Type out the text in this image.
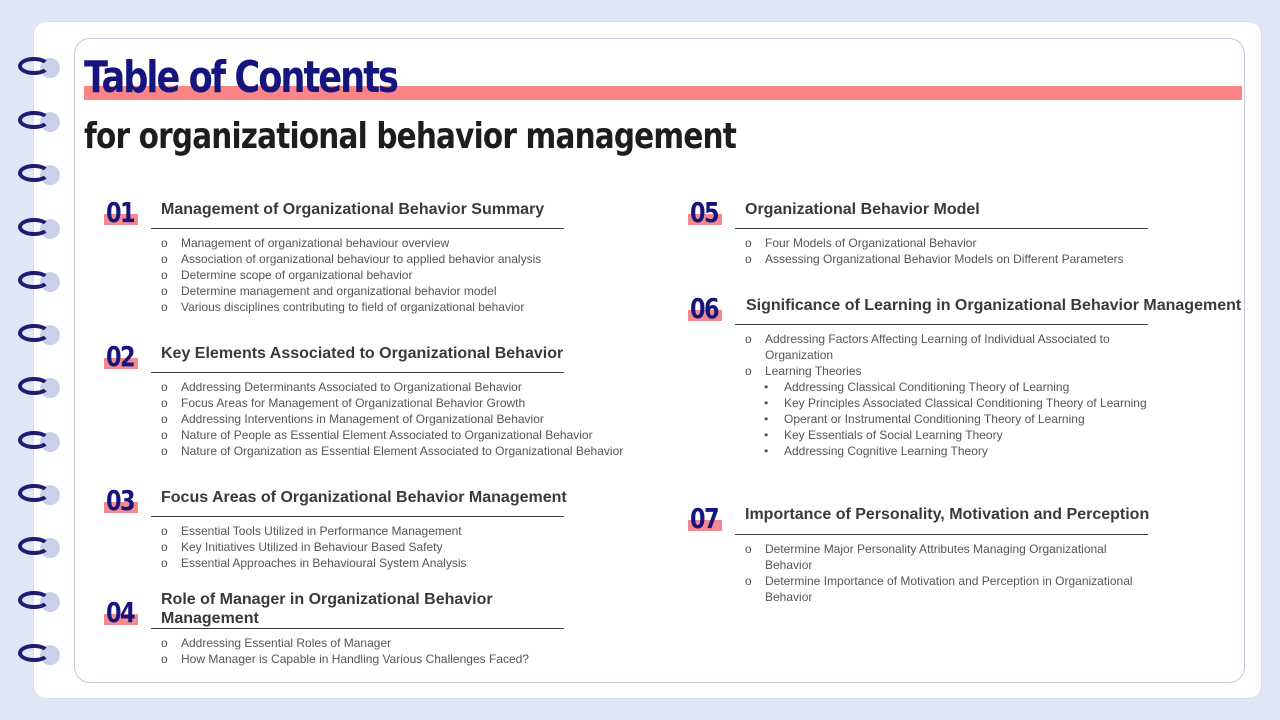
Table of Contents
for organizational behavior management
01 Management of Organizational Behavior Summary

o Management of organizational behaviour overview
o Association of organizational behaviour to applied behavior analysis
o Determine scope of organizational behavior
o Determine management and organizational behavior model
o Various disciplines contributing to field of organizational behavior
02 Key Elements Associated to Organizational Behavior

o Addressing Determinants Associated to Organizational Behavior
o Focus Areas for Management of Organizational Behavior Growth
o Addressing Interventions in Management of Organizational Behavior
o Nature of People as Essential Element Associated to Organizational Behavior
o Nature of Organization as Essential Element Associated to Organizational Behavior
03 Focus Areas of Organizational Behavior Management

o Essential Tools Utilized in Performance Management
o Key Initiatives Utilized in Behaviour Based Safety
o Essential Approaches in Behavioural System Analysis
04 Role of Manager in Organizational Behavior Management

o Addressing Essential Roles of Manager
o How Manager is Capable in Handling Various Challenges Faced?
05 Organizational Behavior Model

o Four Models of Organizational Behavior
o Assessing Organizational Behavior Models on Different Parameters
06 Significance of Learning in Organizational Behavior Management

o Addressing Factors Affecting Learning of Individual Associated to Organization
o Learning Theories
• Addressing Classical Conditioning Theory of Learning
• Key Principles Associated Classical Conditioning Theory of Learning
• Operant or Instrumental Conditioning Theory of Learning
• Key Essentials of Social Learning Theory
• Addressing Cognitive Learning Theory
07 Importance of Personality, Motivation and Perception

o Determine Major Personality Attributes Managing Organizational Behavior
o Determine Importance of Motivation and Perception in Organizational Behavior
